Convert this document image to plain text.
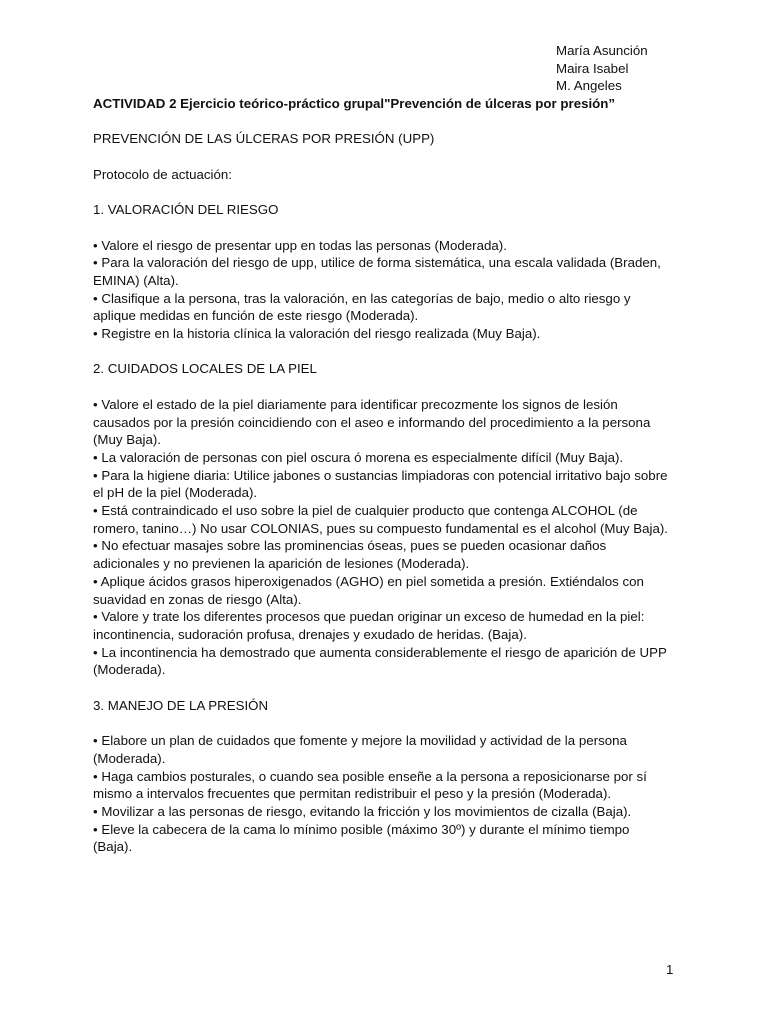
María Asunción
Maira Isabel
M. Angeles
ACTIVIDAD 2 Ejercicio teórico-práctico grupal"Prevención de úlceras por presión”

PREVENCIÓN DE LAS ÚLCERAS POR PRESIÓN (UPP)

Protocolo de actuación:

1. VALORACIÓN DEL RIESGO

• Valore el riesgo de presentar upp en todas las personas (Moderada).

• Para la valoración del riesgo de upp, utilice de forma sistemática, una escala validada (Braden, EMINA) (Alta).

• Clasifique a la persona, tras la valoración, en las categorías de bajo, medio o alto riesgo y aplique medidas en función de este riesgo (Moderada).

• Registre en la historia clínica la valoración del riesgo realizada (Muy Baja).

2. CUIDADOS LOCALES DE LA PIEL

• Valore el estado de la piel diariamente para identificar precozmente los signos de lesión causados por la presión coincidiendo con el aseo e informando del procedimiento a la persona (Muy Baja).

• La valoración de personas con piel oscura ó morena es especialmente difícil (Muy Baja).

• Para la higiene diaria: Utilice jabones o sustancias limpiadoras con potencial irritativo bajo sobre el pH de la piel (Moderada).

• Está contraindicado el uso sobre la piel de cualquier producto que contenga ALCOHOL (de romero, tanino…) No usar COLONIAS, pues su compuesto fundamental es el alcohol (Muy Baja).

• No efectuar masajes sobre las prominencias óseas, pues se pueden ocasionar daños adicionales y no previenen la aparición de lesiones (Moderada).

• Aplique ácidos grasos hiperoxigenados (AGHO) en piel sometida a presión. Extiéndalos con suavidad en zonas de riesgo (Alta).

• Valore y trate los diferentes procesos que puedan originar un exceso de humedad en la piel: incontinencia, sudoración profusa, drenajes y exudado de heridas. (Baja).

• La incontinencia ha demostrado que aumenta considerablemente el riesgo de aparición de UPP (Moderada).

3. MANEJO DE LA PRESIÓN

• Elabore un plan de cuidados que fomente y mejore la movilidad y actividad de la persona (Moderada).

• Haga cambios posturales, o cuando sea posible enseñe a la persona a reposicionarse por sí mismo a intervalos frecuentes que permitan redistribuir el peso y la presión (Moderada).

• Movilizar a las personas de riesgo, evitando la fricción y los movimientos de cizalla (Baja).

• Eleve la cabecera de la cama lo mínimo posible (máximo 30º) y durante el mínimo tiempo (Baja).

1
